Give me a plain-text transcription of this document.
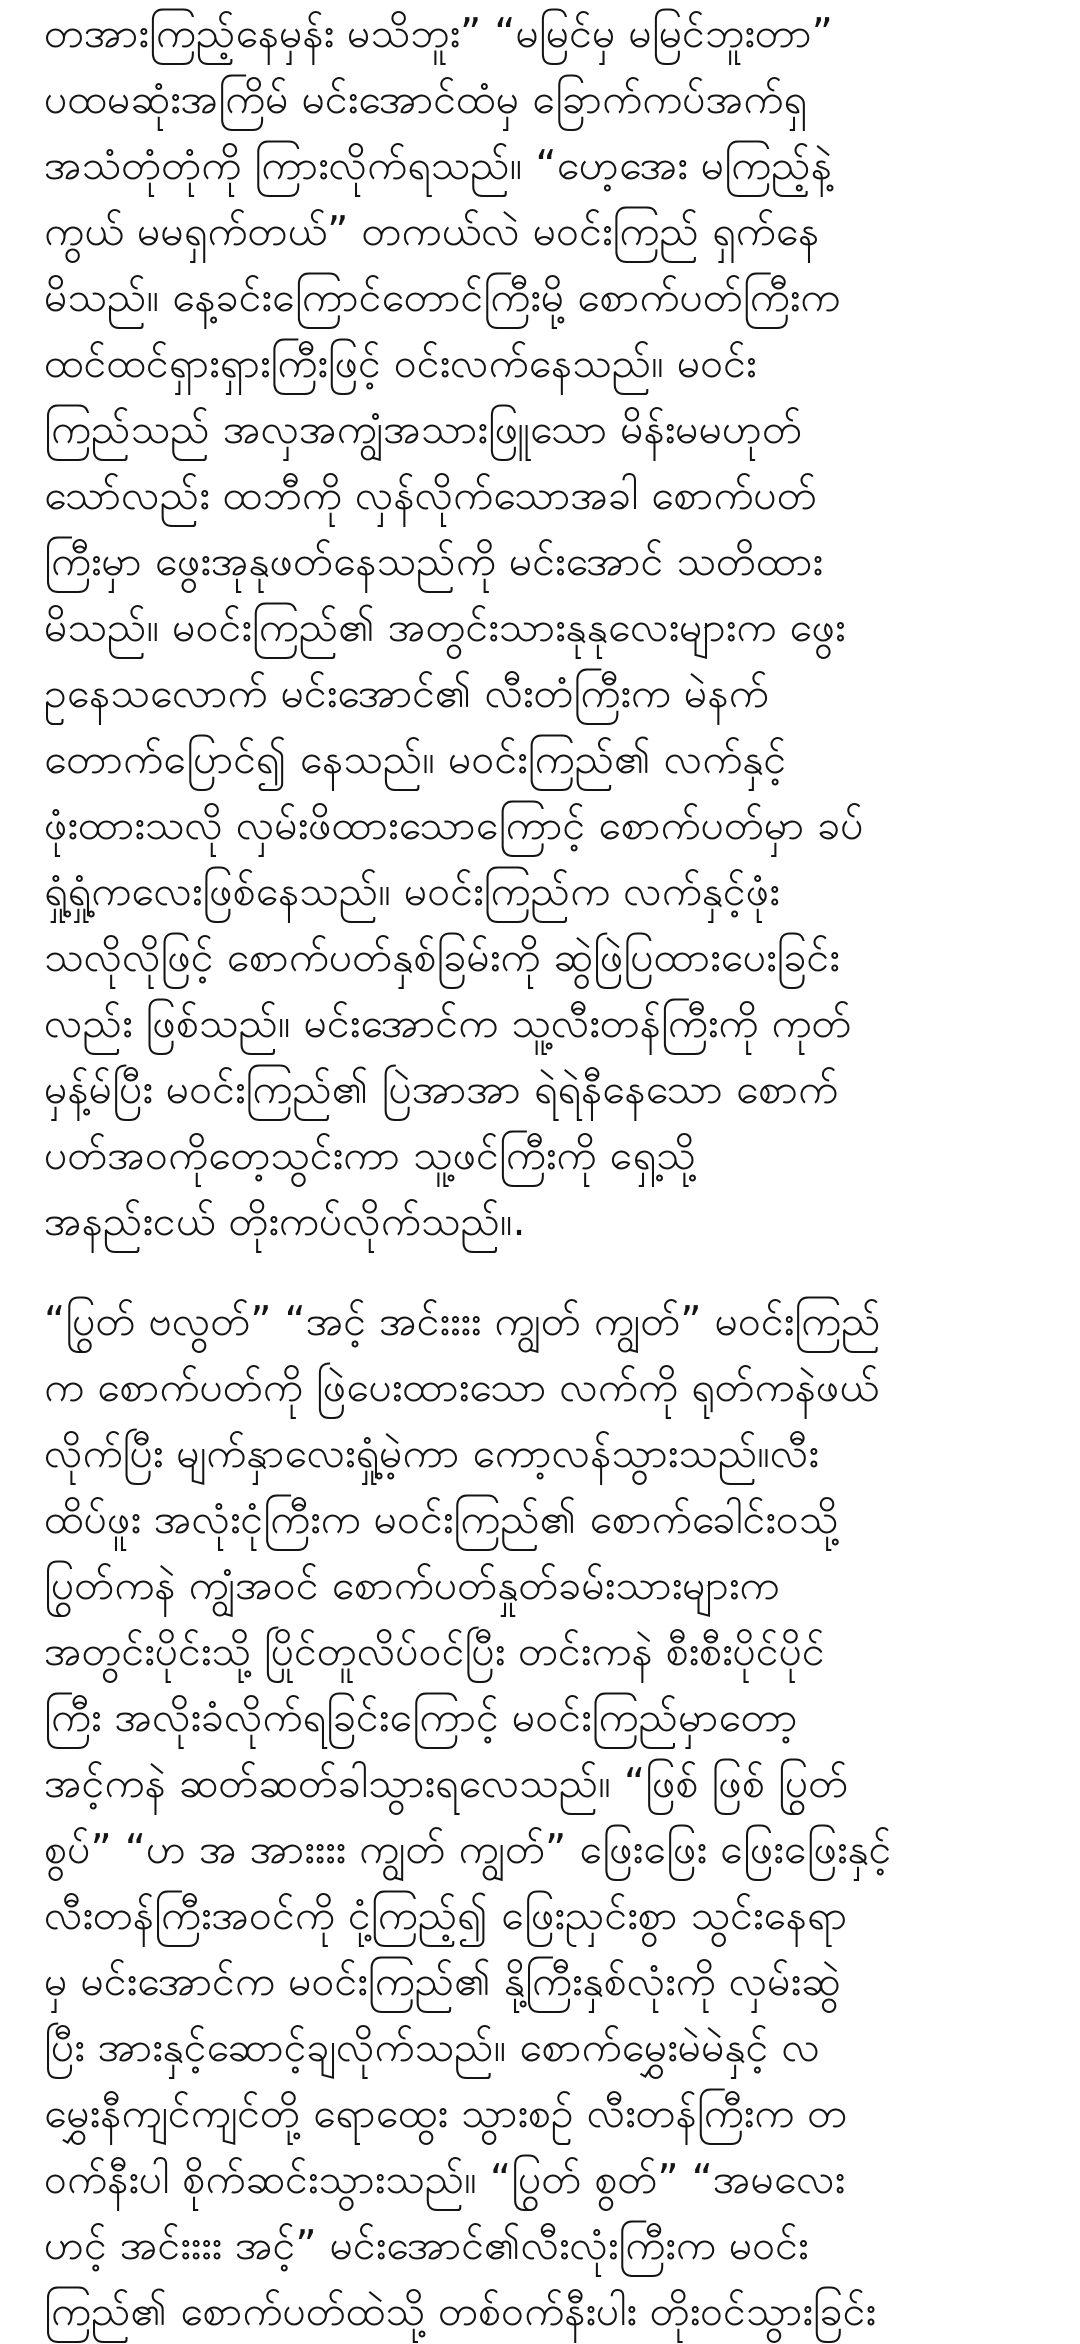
တအားကြည့်နေမှန်း မသိဘူး” “မမြင်မှ မမြင်ဘူးတာ”
ပထမဆုံးအကြိမ် မင်းအောင်ထံမှ ခြောက်ကပ်အက်ရှ
အသံတုံတုံကို ကြားလိုက်ရသည်။ “ဟေ့အေး မကြည့်နဲ့
ကွယ် မမရှက်တယ်” တကယ်လဲ မဝင်းကြည် ရှက်နေ
မိသည်။ နေ့ခင်းကြောင်တောင်ကြီးမို့ စောက်ပတ်ကြီးက
ထင်ထင်ရှားရှားကြီးဖြင့် ဝင်းလက်နေသည်။ မဝင်း
ကြည်သည် အလှအကျွံအသားဖြူသော မိန်းမမဟုတ်
သော်လည်း ထဘီကို လှန်လိုက်သောအခါ စောက်ပတ်
ကြီးမှာ ဖွေးအုနုဖတ်နေသည်ကို မင်းအောင် သတိထား
မိသည်။ မဝင်းကြည်၏ အတွင်းသားနုနုလေးများက ဖွေး
ဥနေသလောက် မင်းအောင်၏ လီးတံကြီးက မဲနက်
တောက်ပြောင်၍ နေသည်။ မဝင်းကြည်၏ လက်နှင့်
ဖုံးထားသလို လှမ်းဖိထားသောကြောင့် စောက်ပတ်မှာ ခပ်
ရှုံ့ရှုံ့ကလေးဖြစ်နေသည်။ မဝင်းကြည်က လက်နှင့်ဖုံး
သလိုလိုဖြင့် စောက်ပတ်နှစ်ခြမ်းကို ဆွဲဖြဲပြထားပေးခြင်း
လည်း ဖြစ်သည်။ မင်းအောင်က သူ့လီးတန်ကြီးကို ကုတ်
မှန့်မ်ပြီး မဝင်းကြည်၏ ပြဲအာအာ ရဲရဲနီနေသော စောက်
ပတ်အဝကိုတေ့သွင်းကာ သူ့ဖင်ကြီးကို ရှေ့သို့
အနည်းငယ် တိုးကပ်လိုက်သည်။.
“ပြွတ် ဗလွတ်” “အင့် အင်းးးး ကျွတ် ကျွတ်” မဝင်းကြည်
က စောက်ပတ်ကို ဖြဲပေးထားသော လက်ကို ရုတ်ကနဲဖယ်
လိုက်ပြီး မျက်နှာလေးရှုံ့မဲ့ကာ ကော့လန်သွားသည်။လီး
ထိပ်ဖူး အလုံးငုံကြီးက မဝင်းကြည်၏ စောက်ခေါင်းဝသို့
ပြွတ်ကနဲ ကျွံအဝင် စောက်ပတ်နှုတ်ခမ်းသားများက
အတွင်းပိုင်းသို့ ပြိုင်တူလိပ်ဝင်ပြီး တင်းကနဲ စီးစီးပိုင်ပိုင်
ကြီး အလိုးခံလိုက်ရခြင်းကြောင့် မဝင်းကြည်မှာတော့
အင့်ကနဲ ဆတ်ဆတ်ခါသွားရလေသည်။ “ဖြစ် ဖြစ် ပြွတ်
စွပ်” “ဟ အ အားးးး ကျွတ် ကျွတ်” ဖြေးဖြေး ဖြေးဖြေးနှင့်
လီးတန်ကြီးအဝင်ကို ငုံ့ကြည့်၍ ဖြေးညှင်းစွာ သွင်းနေရာ
မှ မင်းအောင်က မဝင်းကြည်၏ နို့ကြီးနှစ်လုံးကို လှမ်းဆွဲ
ပြီး အားနှင့်ဆောင့်ချလိုက်သည်။ စောက်မွှေးမဲမဲနှင့် လ
မွှေးနီကျင်ကျင်တို့ ရောထွေး သွားစဉ် လီးတန်ကြီးက တ
ဝက်နီးပါ စိုက်ဆင်းသွားသည်။ “ပြွတ် စွတ်” “အမလေး
ဟင့် အင်းးးး အင့်” မင်းအောင်၏လီးလုံးကြီးက မဝင်း
ကြည်၏ စောက်ပတ်ထဲသို့ တစ်ဝက်နီးပါး တိုးဝင်သွားခြင်း
